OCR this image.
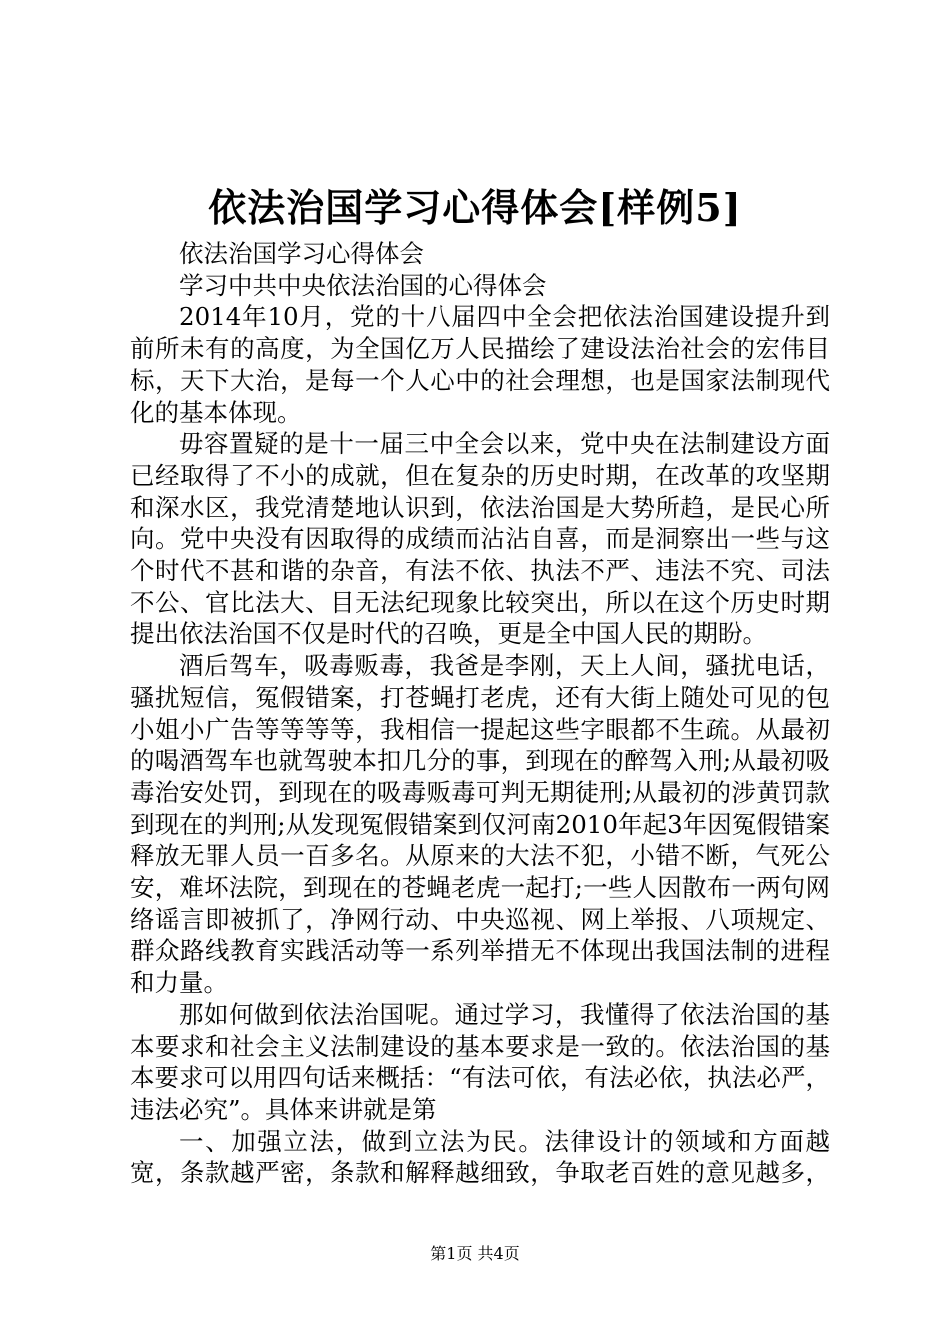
依法治国学习心得体会[样例5]

依法治国学习心得体会

学习中共中央依法治国的心得体会

2014年10月，党的十八届四中全会把依法治国建设提升到前所未有的高度，为全国亿万人民描绘了建设法治社会的宏伟目标，天下大治，是每一个人心中的社会理想，也是国家法制现代化的基本体现。

毋容置疑的是十一届三中全会以来，党中央在法制建设方面已经取得了不小的成就，但在复杂的历史时期，在改革的攻坚期和深水区，我党清楚地认识到，依法治国是大势所趋，是民心所向。党中央没有因取得的成绩而沾沾自喜，而是洞察出一些与这个时代不甚和谐的杂音，有法不依、执法不严、违法不究、司法不公、官比法大、目无法纪现象比较突出，所以在这个历史时期提出依法治国不仅是时代的召唤，更是全中国人民的期盼。

酒后驾车，吸毒贩毒，我爸是李刚，天上人间，骚扰电话，骚扰短信，冤假错案，打苍蝇打老虎，还有大街上随处可见的包小姐小广告等等等等，我相信一提起这些字眼都不生疏。从最初的喝酒驾车也就驾驶本扣几分的事，到现在的醉驾入刑;从最初吸毒治安处罚，到现在的吸毒贩毒可判无期徒刑;从最初的涉黄罚款到现在的判刑;从发现冤假错案到仅河南2010年起3年因冤假错案释放无罪人员一百多名。从原来的大法不犯，小错不断，气死公安，难坏法院，到现在的苍蝇老虎一起打;一些人因散布一两句网络谣言即被抓了，净网行动、中央巡视、网上举报、八项规定、群众路线教育实践活动等一系列举措无不体现出我国法制的进程和力量。

那如何做到依法治国呢。通过学习，我懂得了依法治国的基本要求和社会主义法制建设的基本要求是一致的。依法治国的基本要求可以用四句话来概括：“有法可依，有法必依，执法必严，违法必究”。具体来讲就是第

一、加强立法，做到立法为民。法律设计的领域和方面越宽，条款越严密，条款和解释越细致，争取老百姓的意见越多，

第1页 共4页
